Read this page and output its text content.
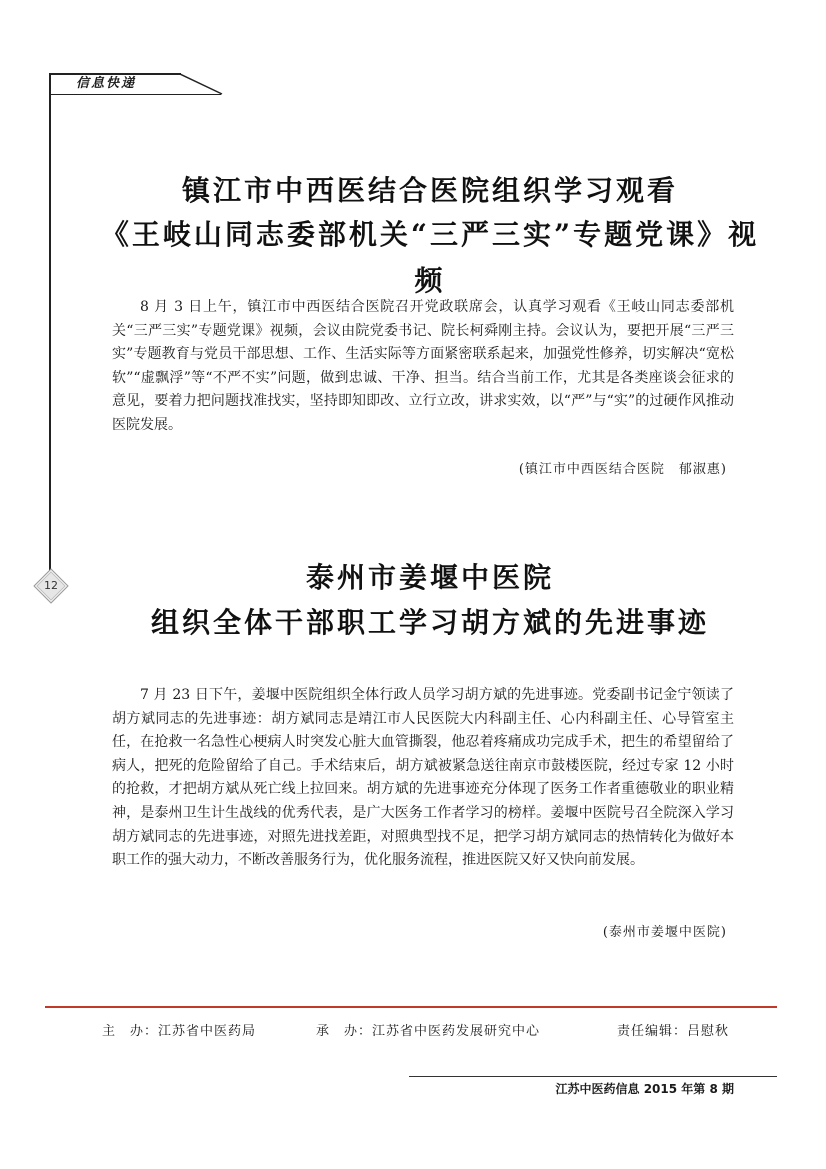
信息快递
12
镇江市中西医结合医院组织学习观看
《王岐山同志委部机关“三严三实”专题党课》视频
8 月 3 日上午，镇江市中西医结合医院召开党政联席会，认真学习观看《王岐山同志委部机关“三严三实”专题党课》视频，会议由院党委书记、院长柯舜刚主持。会议认为，要把开展“三严三实”专题教育与党员干部思想、工作、生活实际等方面紧密联系起来，加强党性修养，切实解决“宽松软”“虚飘浮”等“不严不实”问题，做到忠诚、干净、担当。结合当前工作，尤其是各类座谈会征求的意见，要着力把问题找准找实，坚持即知即改、立行立改，讲求实效，以“严”与“实”的过硬作风推动医院发展。
(镇江市中西医结合医院　郁淑惠)
泰州市姜堰中医院
组织全体干部职工学习胡方斌的先进事迹
7 月 23 日下午，姜堰中医院组织全体行政人员学习胡方斌的先进事迹。党委副书记金宁领读了胡方斌同志的先进事迹：胡方斌同志是靖江市人民医院大内科副主任、心内科副主任、心导管室主任，在抢救一名急性心梗病人时突发心脏大血管撕裂，他忍着疼痛成功完成手术，把生的希望留给了病人，把死的危险留给了自己。手术结束后，胡方斌被紧急送往南京市鼓楼医院，经过专家 12 小时的抢救，才把胡方斌从死亡线上拉回来。胡方斌的先进事迹充分体现了医务工作者重德敬业的职业精神，是泰州卫生计生战线的优秀代表，是广大医务工作者学习的榜样。姜堰中医院号召全院深入学习胡方斌同志的先进事迹，对照先进找差距，对照典型找不足，把学习胡方斌同志的热情转化为做好本职工作的强大动力，不断改善服务行为，优化服务流程，推进医院又好又快向前发展。
(泰州市姜堰中医院)
主　办：江苏省中医药局	承　办：江苏省中医药发展研究中心	责任编辑：吕慰秋
江苏中医药信息 2015 年第 8 期
